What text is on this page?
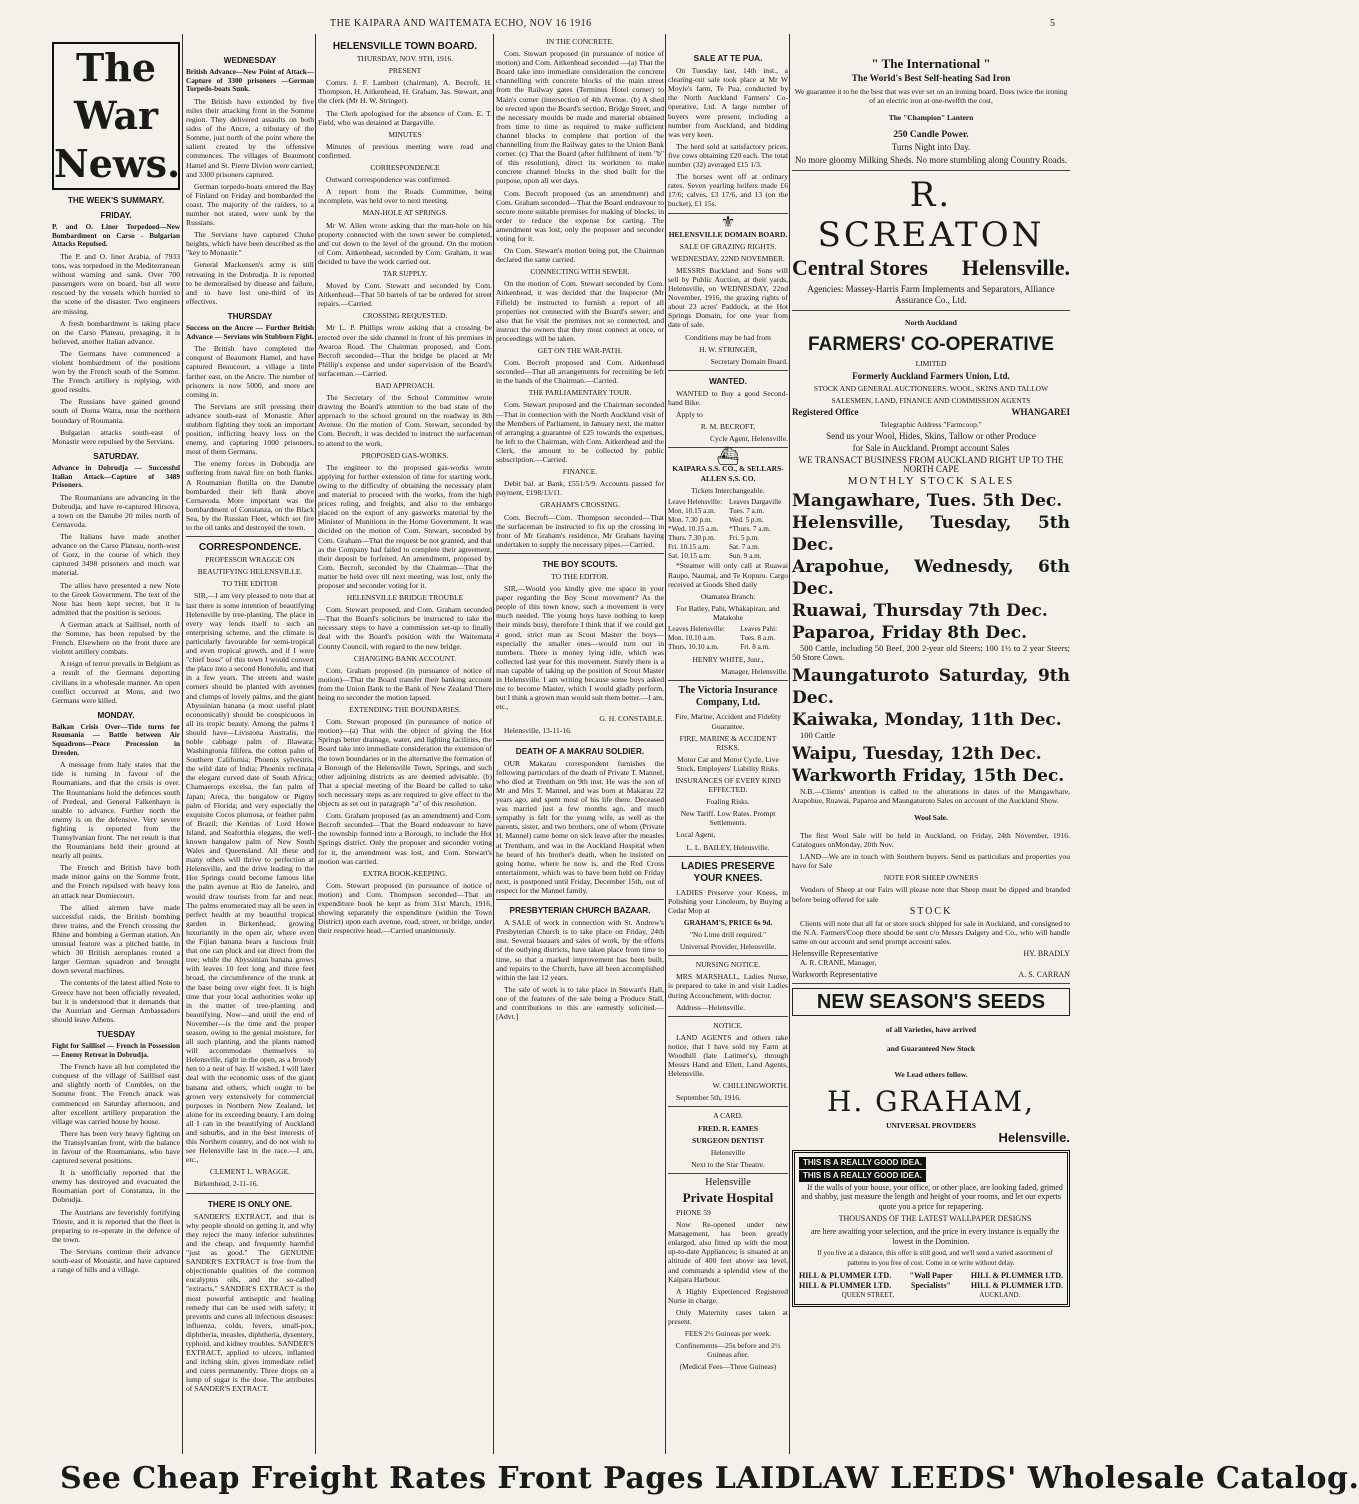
THE KAIPARA AND WAITEMATA ECHO, NOV 16 1916	5
The War News.
THE WEEK'S SUMMARY.
FRIDAY.

P. and O. Liner Torpedoed—New Bombardment on Carso - Bulgarian Attacks Repulsed.

The P. and O. liner Arabia, of 7933 tons, was torpedoed in the Mediterranean without warning and sank. Over 700 passengers were on board, but all were rescued by the vessels which hurried to the scene of the disaster. Two engineers are missing.

A fresh bombardment is taking place on the Carso Plateau, presaging, it is believed, another Italian advance.

The Germans have commenced a violent bombardment of the positions won by the French south of the Somme. The French artillery is replying, with good results.

The Russians have gained ground south of Dorna Watra, near the northern boundary of Roumania.

Bulgarian attacks south-east of Monastir were repulsed by the Servians.

SATURDAY.

Advance in Dobrudja — Successful Italian Attack—Capture of 3489 Prisoners.

The Roumanians are advancing in the Dobrudja, and have re-captured Hirsova, a town on the Danube 20 miles north of Cernavoda.

The Italians have made another advance on the Carso Plateau, north-west of Gorz, in the course of which they captured 3498 prisoners and much war material.

The allies have presented a new Note to the Greek Government. The text of the Note has been kept secret, but it is admitted that the position is serious.

A German attack at Saillisel, north of the Somme, has been repulsed by the French. Elsewhere on the front there are violent artillery combats.

A reign of terror prevails in Belgium as a result of the Germans deporting civilians in a wholesale manner. An open conflict occurred at Mons, and two Germans were killed.

MONDAY.

Balkan Crisis Over—Tide turns for Roumania — Battle between Air Squadrons—Peace Procession in Dresden.

A message from Italy states that the tide is turning in favour of the Roumanians, and that the crisis is over. The Roumanians hold the defences south of Predeal, and General Falkenhayn is unable to advance. Further north the enemy is on the defensive. Very severe fighting is reported from the Transylvanian front. The net result is that the Roumanians held their ground at nearly all points.

The French and British have both made minor gains on the Somme front, and the French repulsed with heavy loss an attack near Domiecourt.

The allied airmen have made successful raids, the British bombing three trains, and the French crossing the Rhine and bombing a German station. An unusual feature was a pitched battle, in which 30 British aeroplanes routed a larger German squadron and brought down several machines.

The contents of the latest allied Note to Greece have not been officially revealed, but it is understood that it demands that the Austrian and German Ambassadors should leave Athens.

TUESDAY

Fight for Saillisel — French in Possession — Enemy Retreat in Dobrudja.

The French have all but completed the conquest of the village of Saillisel east and slightly north of Combles, on the Somme front. The French attack was commenced on Saturday afternoon, and after excellent artillery preparation the village was carried house by house.

There has been very heavy fighting on the Transylvanian front, with the balance in favour of the Roumanians, who have captured several positions.

It is unofficially reported that the enemy has destroyed and evacuated the Roumanian port of Constanza, in the Dobrudja.

The Austrians are feverishly fortifying Trieste, and it is reported that the fleet is preparing to re-operate in the defence of the town.

The Servians continue their advance south-east of Monastir, and have captured a range of hills and a village.

WEDNESDAY

British Advance—New Point of Attack—Capture of 3300 prisoners —German Torpedo-boats Sunk.

The British have extended by five miles their attacking front in the Somme region. They delivered assaults on both sides of the Ancre, a tributary of the Somme, just north of the point where the salient created by the offensive commences. The villages of Beaumont Hamel and St. Pierre Divion were carried, and 3300 prisoners captured.

German torpedo-boats entered the Bay of Finland on Friday and bombarded the coast. The majority of the raiders, to a number not stated, were sunk by the Russians.

The Servians have captured Chuke heights, which have been described as the "key to Monastir."

General Mackensen's army is still retreating in the Dobrudja. It is reported to be demoralised by disease and failure, and to have lost one-third of its effectives.

THURSDAY

Success on the Ancre — Further British Advance — Servians win Stubborn Fight.

The British have completed the conquest of Beaumont Hamel, and have captured Beaucourt, a village a little farther east, on the Ancre. The number of prisoners is now 5000, and more are coming in.

The Servians are still pressing their advance south-east of Monastir. After stubborn fighting they took an important position, inflicting heavy loss on the enemy, and capturing 1000 prisoners, most of them Germans.

The enemy forces in Dobrudja are suffering from naval fire on both flanks. A Roumanian flotilla on the Danube bombarded their left flank above Cernavoda. More important was the bombardment of Constanza, on the Black Sea, by the Russian Fleet, which set fire to the oil tanks and destroyed the town.

CORRESPONDENCE.

PROFESSOR WRAGGE ON

BEAUTIFYING HELENSVILLE.

TO THE EDITOR

SIR,—I am very pleased to note that at last there is some intention of beautifying Helensville by tree-planting. The place in every way lends itself to such an enterprising scheme, and the climate is particularly favourable for semi-tropical and even tropical growth, and if I were "chief boss" of this town I would convert the place into a second Honolulu, and that in a few years. The streets and waste corners should be planted with avenues and clumps of lovely palms, and the giant Abyssinian banana (a most useful plant economically) should be conspicuous in all its tropic beauty. Among the palms I should have—Livistona Australis, the noble cabbage palm of Illawara; Washingtonia filifera, the cotton palm of Southern California; Phoenix sylvestris, the wild date of India; Phoenix reclinata the elegant curved date of South Africa; Chamaerops excelsa, the fan palm of Japan; Areca, the bangalow or Pigmy palm of Florida; and very especially the exquisite Cocos plumosa, or feather palm of Brazil; the Kentias of Lord Howe Island, and Seaforthia elegans, the well-known bangalow palm of New South Wales and Queensland. All these and many others will thrive to perfection at Helensville, and the drive leading to the Hot Springs could become famous like the palm avenue at Rio de Janeiro, and would draw tourists from far and near. The palms enumerated may all be seen in perfect health at my beautiful tropical garden in Birkenhead, growing luxuriantly in the open air, where even the Fijian banana bears a luscious fruit that one can pluck and eat direct from the tree; while the Abyssinian banana grows with leaves 10 feet long and three feet broad, the circumference of the trunk at the base being over eight feet. It is high time that your local authorities woke up in the matter of tree-planting and beautifying. Now—and until the end of November—is the time and the proper season, owing to the genial moisture, for all such planting, and the plants named will accommodate themselves to Helensville, right in the open, as a broody hen to a nest of hay. If wished, I will later deal with the economic uses of the giant banana and others, which ought to be grown very extensively for commercial purposes in Northern New Zealand, let alone for its exceeding beauty. I am doing all I can in the beautifying of Auckland and suburbs, and in the best interests of this Northern country, and do not wish to see Helensville last in the race.—I am, etc.,

CLEMENT L. WRAGGE.

Birkenhead, 2-11-16.

THERE IS ONLY ONE.

SANDER'S EXTRACT, and that is why people should on getting it, and why they reject the many inferior substitutes and the cheap, and frequently harmful "just as good." The GENUINE SANDER'S EXTRACT is free from the objectionable qualities of the common eucalyptus oils, and the so-called "extracts." SANDER'S EXTRACT is the most powerful antiseptic and healing remedy that can be used with safety; it prevents and cures all infectious diseases: influenza, colds, fevers, small-pox, diphtheria, measles, diphtheria, dysentery, typhoid, and kidney troubles. SANDER'S EXTRACT, applied to ulcers, inflamed and itching skin, gives immediate relief and cures permanently. Three drops on a lump of sugar is the dose. The attributes of SANDER'S EXTRACT.

HELENSVILLE TOWN BOARD.

THURSDAY, NOV. 9TH, 1916.

PRESENT

Comrs. J. F. Lambert (chairman), A. Becroft, H. Thompson, H. Aitkenhead, H. Graham, Jas. Stewart, and the clerk (Mr H. W. Stringer).

The Clerk apologised for the absence of Com. E. T. Field, who was detained at Dargaville.

MINUTES

Minutes of previous meeting were read and confirmed.

CORRESPONDENCE

Outward correspondence was confirmed.

A report from the Roads Committee, being incomplete, was held over to next meeting.

MAN-HOLE AT SPRINGS.

Mr W. Allen wrote asking that the man-hole on his property connected with the town sewer be completed, and cut down to the level of the ground. On the motion of Com. Aitkenhead, seconded by Com. Graham, it was decided to have the work carried out.

TAR SUPPLY.

Moved by Com. Stewart and seconded by Com. Aitkenhead—That 50 barrels of tar be ordered for street repairs.—Carried.

CROSSING REQUESTED.

Mr L. P. Phillips wrote asking that a crossing be erected over the side channel in front of his premises in Awaroa Road. The Chairman proposed, and Com. Becroft seconded—That the bridge be placed at Mr Phillip's expense and under supervision of the Board's surfaceman.—Carried.

BAD APPROACH.

The Secretary of the School Committee wrote drawing the Board's attention to the bad state of the approach to the school ground on the roadway in 8th Avenue. On the motion of Com. Stewart, seconded by Com. Becroft, it was decided to instruct the surfaceman to attend to the work.

PROPOSED GAS-WORKS.

The engineer to the proposed gas-works wrote applying for further extension of time for starting work, owing to the difficulty of obtaining the necessary plant and material to proceed with the works, from the high prices ruling, and freights, and also to the embargo placed on the export of any gasworks material by the Minister of Munitions in the Home Government. It was decided on the motion of Com. Stewart, seconded by Com. Graham—That the request be not granted, and that as the Company had failed to complete their agreement, their deposit be forfeited. An amendment, proposed by Com. Becroft, seconded by the Chairman—That the matter be held over till next meeting, was lost, only the proposer and seconder voting for it.

HELENSVILLE BRIDGE TROUBLE

Com. Stewart proposed, and Com. Graham seconded—That the Board's solicitors be instructed to take the necessary steps to have a commission set-up to finally deal with the Board's position with the Waitemata County Council, with regard to the new bridge.

CHANGING BANK ACCOUNT.

Com. Graham proposed (in pursuance of notice of motion)—That the Board transfer their banking account from the Union Bank to the Bank of New Zealand There being no seconder the motion lapsed.

EXTENDING THE BOUNDARIES.

Com. Stewart proposed (in pursuance of notice of motion)—(a) That with the object of giving the Hot Springs better drainage, water, and lighting facilities, the Board take into immediate consideration the extension of the town boundaries or in the alternative the formation of a Borough of the Helensville Town, Springs, and such other adjoining districts as are deemed advisable. (b) That a special meeting of the Board be called to take such necessary steps as are required to give effect to the objects as set out in paragraph "a" of this resolution.

Com. Graham proposed (as an amendment) and Com. Becroft seconded—That the Board endeavour to have the township formed into a Borough, to include the Hot Springs district. Only the proposer and seconder voting for it, the amendment was lost, and Com. Stewart's motion was carried.

EXTRA BOOK-KEEPING.

Com. Stewart proposed (in pursuance of notice of motion) and Com. Thompson seconded—That an expenditure book be kept as from 31st March, 1916, showing separately the expenditure (within the Town District) upon each avenue, road, street, or bridge, under their respective head.—Carried unanimously.

IN THE CONCRETE.

Com. Stewart proposed (in pursuance of notice of motion) and Com. Aitkenhead seconded —(a) That the Board take into immediate consideration the concrete channelling with concrete blocks of the main street from the Railway gates (Terminus Hotel corner) to Main's corner (intersection of 4th Avenue. (b) A shed be erected upon the Board's section, Bridge Street, and the necessary moulds be made and material obtained from time to time as required to make sufficient channel blocks to complete that portion of the channelling from the Railway gates to the Union Bank corner. (c) That the Board (after fulfilment of item "b" of this resolution), direct its workmen to make concrete channel blocks in the shed built for the purpose, upon all wet days.

Com. Becroft proposed (as an amendment) and Com. Graham seconded—That the Board endeavour to secure more suitable premises for making of blocks, in order to reduce the expense for carting. The amendment was lost, only the proposer and seconder voting for it.

On Com. Stewart's motion being put, the Chairman declared the same carried.

CONNECTING WITH SEWER.

On the motion of Com. Stewart seconded by Com. Aitkenhead, it was decided that the Inspector (Mr Fifield) be instructed to furnish a report of all properties not connected with the Board's sewer; and also that he visit the premises not so connected, and instruct the owners that they must connect at once, or proceedings will be taken.

GET ON THE WAR-PATH.

Com. Becroft proposed and Com. Aitkenhead seconded—That all arrangements for recruiting be left in the hands of the Chairman.—Carried.

THE PARLIAMENTARY TOUR.

Com. Stewart proposed and the Chairman seconded—That in connection with the North Auckland visit of the Members of Parliament, in January next, the matter of arranging a guarantee of £25 towards the expenses, be left to the Chairman, with Com. Aitkenhead and the Clerk, the amount to be collected by public subscription.—Carried.

FINANCE.

Debit bal. at Bank, £551/5/9. Accounts passed for payment, £198/13/11.

GRAHAM'S CROSSING.

Com. Becroft—Com. Thompson seconded—That the surfaceman be instructed to fix up the crossing in front of Mr Graham's residence, Mr Graham having undertaken to supply the necessary pipes.—Carried.

THE BOY SCOUTS.

TO THE EDITOR.

SIR,—Would you kindly give me space in your paper regarding the Boy Scout movement? As the people of this town know, such a movement is very much needed. The young boys have nothing to keep their minds busy, therefore I think that if we could get a good, strict man as Scout Master the boys—especially the smaller ones—would turn out in numbers. There is money lying idle, which was collected last year for this movement. Surely there is a man capable of taking up the position of Scout Master in Helensville. I am writing because some boys asked me to become Master, which I would gladly perform, but I think a grown man would suit them better.—I am, etc.,

G. H. CONSTABLE.

Helensville, 13-11-16.

DEATH OF A MAKRAU SOLDIER.

OUR Makarau correspondent furnishes the following particulars of the death of Private T. Mannel, who died at Trentham on 9th inst. He was the son of Mr and Mrs T. Mannel, and was born at Makarau 22 years ago, and spent most of his life there. Deceased was married just a few months ago, and much sympathy is felt for the young wife, as well as the parents, sister, and two brothers, one of whom (Private H. Mannel) came home on sick leave after the measles at Trentham, and was in the Auckland Hospital when he heard of his brother's death, when he insisted on going home, where he now is, and the Red Cross entertainment, which was to have been held on Friday next, is postponed until Friday, December 15th, out of respect for the Mannel family.

PRESBYTERIAN CHURCH BAZAAR.

A SALE of work in connection with St. Andrew's Presbyterian Church is to take place on Friday, 24th inst. Several bazaars and sales of work, by the efforts of the outlying districts, have taken place from time to time, so that a marked improvement has been built, and repairs to the Church, have all been accomplished within the last 12 years.

The sale of work is to take place in Stewart's Hall, one of the features of the sale being a Produce Stall, and contributions to this are earnestly solicited.—[Advt.]

SALE AT TE PUA.

On Tuesday last, 14th inst., a clearing-out sale took place at Mr W Moyle's farm, Te Pua, conducted by the North Auckland Farmers' Co-operative, Ltd. A large number of buyers were present, including a number from Auckland, and bidding was very keen.

The herd sold at satisfactory prices, five cows obtaining £20 each. The total number (32) averaged £15 1/3.

The horses went off at ordinary rates. Seven yearling heifers made £6 17/6; calves, £3 17/6, and 13 (on the bucket), £1 15s.

⚜

HELENSVILLE DOMAIN BOARD.

SALE OF GRAZING RIGHTS.

WEDNESDAY, 22ND NOVEMBER.

MESSRS Buckland and Sons will sell by Public Auction, at their yards, Helensville, on WEDNESDAY, 22nd November, 1916, the grazing rights of about 23 acres' Paddock, at the Hot Springs Domain, for one year from date of sale.

Conditions may be had from

H. W. STRINGER,

Secretary Domain Board.

WANTED.

WANTED to Buy a good Second-hand Bike.

Apply to

R. M. BECROFT,

Cycle Agent, Helensville.

⛴

KAIPARA S.S. CO., & SELLARS-ALLEN S.S. CO.

Tickets Interchangeable.

Leave Helensville:	Leaves Dargaville
Mon. 10.15 a.m.	Tues. 7 a.m.
Mon. 7.30 p.m.	Wed. 5 p.m.
*Wed. 10.15 a.m.	*Thurs. 7 a.m.
Thurs. 7.30 p.m.	Fri. 5 p.m.
Fri. 10.15 a.m.	Sat. 7 a.m.
Sat. 10.15 a.m.	Sun. 9 a.m.

*Steamer will only call at Ruawai Raupo, Naumai, and Te Kopuru. Cargo received at Goods Shed daily

Otamatea Branch:

For Batley, Pahi, Whakapirau, and Matakohe

Leaves Helensville:	Leaves Pahi:
Mon. 10.10 a.m.	Tues. 8 a.m.
Thurs. 10.10 a.m.	Fri. 8 a.m.

HENRY WHITE, Junr.,

Manager, Helensville.

The Victoria Insurance Company, Ltd.

Fire, Marine, Accident and Fidelity Guarantee.

FIRE, MARINE & ACCIDENT RISKS.

Motor Car and Motor Cycle, Live Stock, Employers' Liability Risks.

INSURANCES OF EVERY KIND EFFECTED.

Foaling Risks.

New Tariff. Low Rates. Prompt Settlements.

Local Agent,

L. L. BAILEY, Helensville.

LADIES PRESERVE YOUR KNEES.

LADIES Preserve your Knees, in Polishing your Linoleum, by Buying a Cedar Mop at

GRAHAM'S, PRICE 6s 9d.

"No Lime drill required."

Universal Provider, Helensville.

NURSING NOTICE.

MRS MARSHALL, Ladies Nurse, is prepared to take in and visit Ladies during Accouchment, with doctor.

Address—Helensville.

NOTICE.

LAND AGENTS and others take notice, that I have sold my Farm at Woodhill (late Latimer's), through Messrs Hand and Ellett, Land Agents, Helensville.

W. CHILLINGWORTH.

September 5th, 1916.

A CARD.

FRED. R. EAMES

SURGEON DENTIST

Helensville

Next to the Star Theatre.

Helensville

Private Hospital

PHONE 59

Now Re-opened under new Management, has been greatly enlarged, also fitted up with the most up-to-date Appliances; is situated at an altitude of 400 feet above sea level, and commands a splendid view of the Kaipara Harbour.

A Highly Experienced Registered Nurse in charge.

Only Maternity cases taken at present.

FEES 2½ Guineas per week.

Confinements—25s before and 2½ Guineas after.

(Medical Fees—Three Guineas)

" The International "

The World's Best Self-heating Sad Iron

We guarantee it to be the best that was ever set on an ironing board. Does twice the ironing of an electric iron at one-twelfth the cost,

The "Champion" Lantern

250 Candle Power.

Turns Night into Day.

No more gloomy Milking Sheds. No more stumbling along Country Roads.

R. SCREATON
Central Stores Helensville.

Agencies: Massey-Harris Farm Implements and Separators, Alliance Assurance Co., Ltd.

North Auckland

FARMERS' CO-OPERATIVE

LIMITED

Formerly Auckland Farmers Union, Ltd.

STOCK AND GENERAL AUCTIONEERS. WOOL, SKINS AND TALLOW

SALESMEN, LAND, FINANCE AND COMMISSION AGENTS

Registered Office	WHANGAREI

Telegraphic Address "Farmcoop."

Send us your Wool, Hides, Skins, Tallow or other Produce

for Sale in Auckland. Prompt account Sales

WE TRANSACT BUSINESS FROM AUCKLAND RIGHT UP TO THE NORTH CAPE

MONTHLY STOCK SALES

Mangawhare, Tues. 5th Dec.
Helensville, Tuesday, 5th Dec.
Arapohue, Wednesdy, 6th Dec.
Ruawai, Thursday 7th Dec.
Paparoa, Friday 8th Dec.

500 Cattle, including 50 Beef, 200 2-year old Steers; 100 1½ to 2 year Steers; 50 Store Cows.

Maungaturoto Saturday, 9th Dec.
Kaiwaka, Monday, 11th Dec.

100 Cattle

Waipu, Tuesday, 12th Dec.
Warkworth Friday, 15th Dec.

N.B.—Clients' attention is called to the alterations in dates of the Mangawhare, Arapohue, Ruawai, Paparoa and Maungaturoto Sales on account of the Auckland Show.

Wool Sale.

The first Wool Sale will be held in Auckland, on Friday, 24th November, 1916. Catalogues onMonday, 20th Nov.

LAND—We are in touch with Southern buyers. Send us particulars and properties you have for Sale

NOTE FOR SHEEP OWNERS

Vendors of Sheep at our Fairs will please note that Sheep must be dipped and branded before being offered for sale

STOCK

Clients will note that all fat or store stock shipped for sale in Auckland, and consigned to the N.A. Farmers'Coop there should be sent c/o Messrs Dalgety and Co., who will handle same on our account and send prompt account sales.

Helensville Representative	HY. BRADLY

A. R. CRANE, Manager,

Warkworth Representative	A. S. CARRAN
NEW SEASON'S SEEDS

of all Varieties, have arrived

and Guaranteed New Stock

We Lead others follow.

H. GRAHAM,

UNIVERSAL PROVIDERS

Helensville.

THIS IS A REALLY GOOD IDEA.
THIS IS A REALLY GOOD IDEA.

If the walls of your house, your office, or other place, are looking faded, grimed and shabby, just measure the length and height of your rooms, and let our experts quote you a price for repapering.

THOUSANDS OF THE LATEST WALLPAPER DESIGNS

are here awaiting your selection, and the price in every instance is equally the lowest in the Dominion.

If you live at a distance, this offer is still good, and we'll send a varied assortment of patterns to you free of cost. Come in or write without delay.

HILL & PLUMMER LTD. "Wall Paper HILL & PLUMMER LTD.
HILL & PLUMMER LTD. Specialists" HILL & PLUMMER LTD.
QUEEN STREET,	AUCKLAND.
See Cheap Freight Rates Front Pages LAIDLAW LEEDS' Wholesale Catalog.
